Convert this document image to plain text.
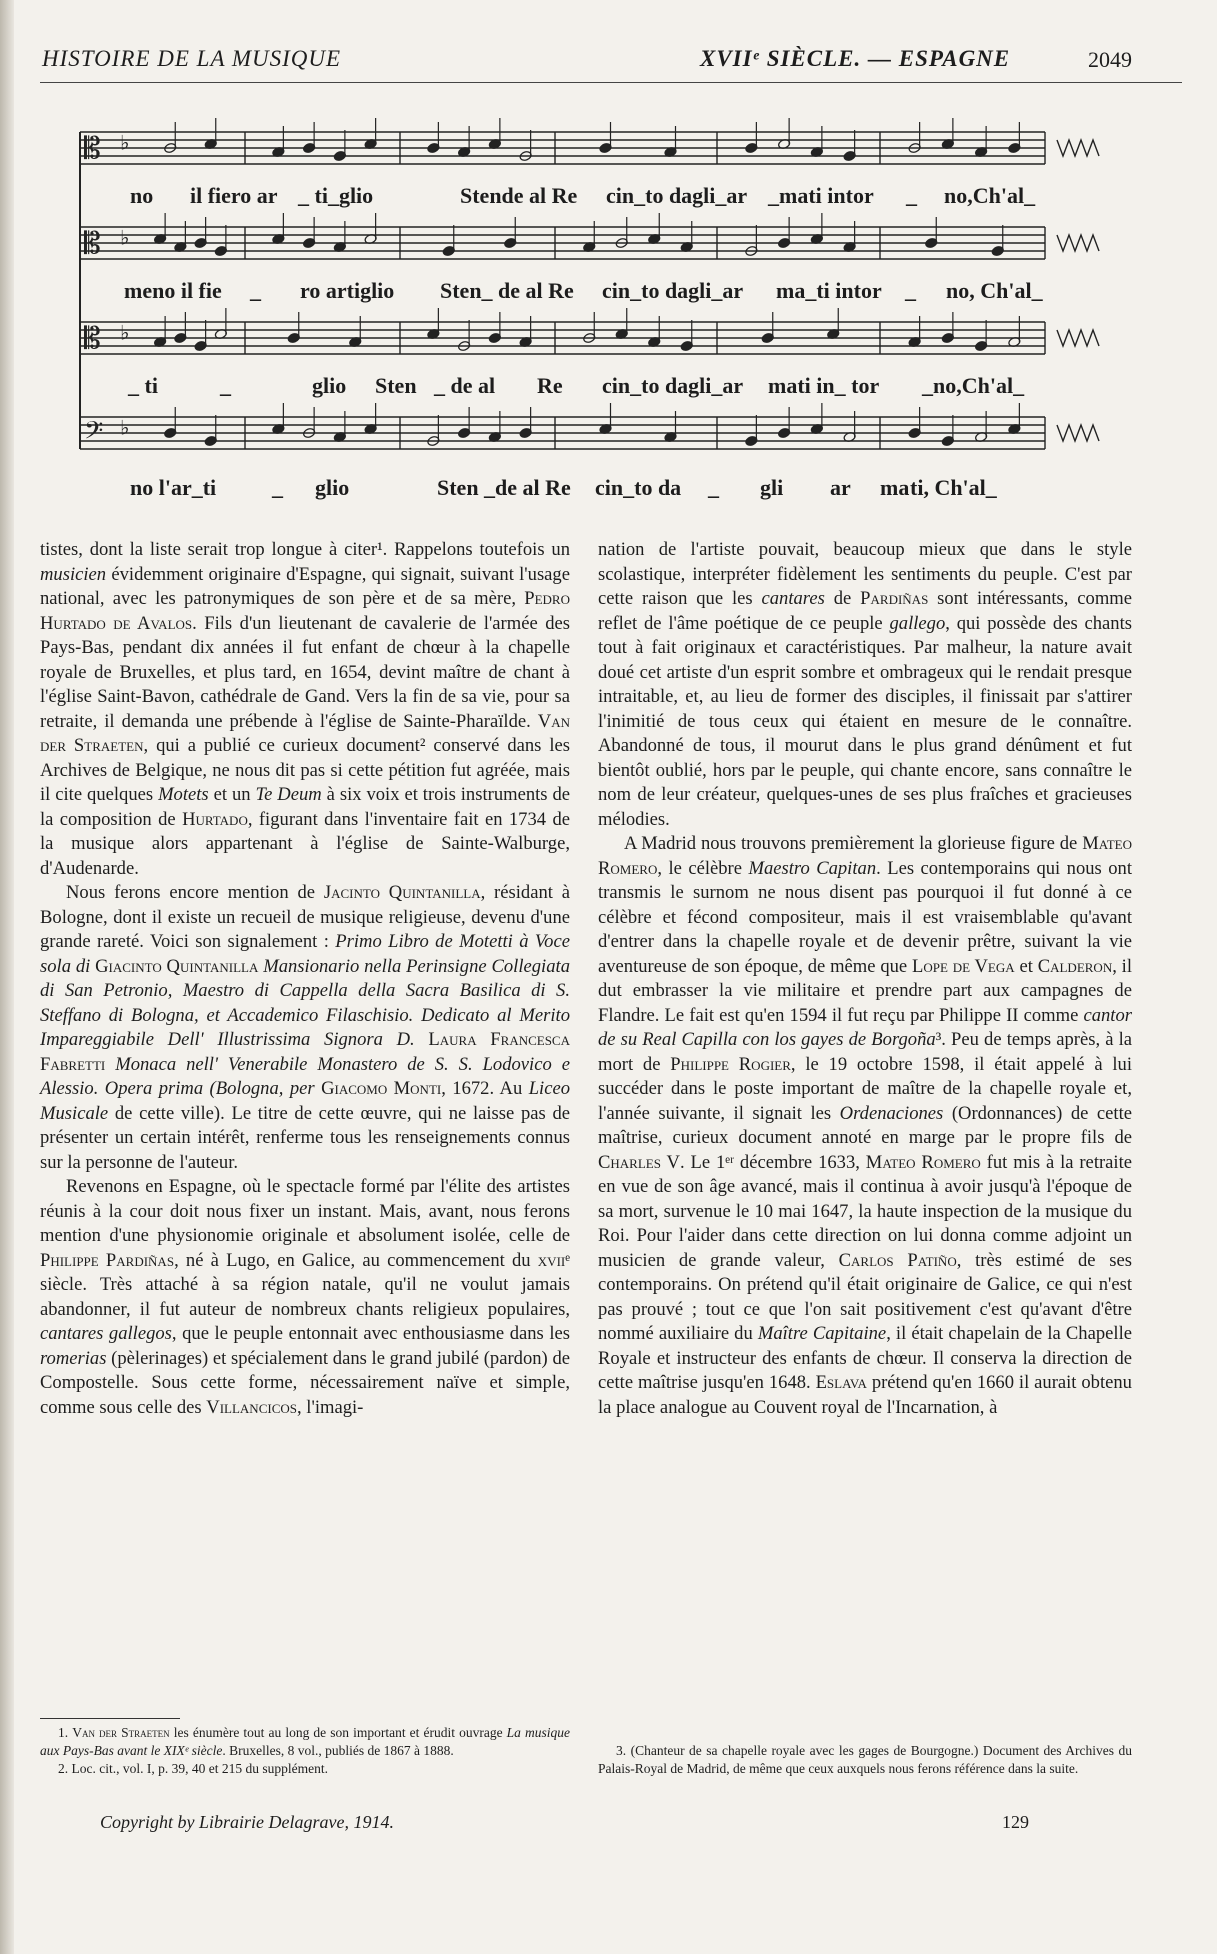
HISTOIRE DE LA MUSIQUE	XVIIᵉ SIÈCLE. — ESPAGNE	2049
𝄡 ♭
𝄡 ♭
𝄡 ♭
𝄢 ♭
no il fiero ar _ ti_glio	Stende al Re cin_to dagli_ar _mati intor _ no,Ch'al_
meno il fie _ ro artiglio Sten_ de al Re cin_to dagli_ar ma_ti intor _ no, Ch'al_
_ ti	_	glio Sten _ de al Re cin_to dagli_ar mati in_ tor _no,Ch'al_
no l'ar_ti	_ glio	Sten _de al Re cin_to da _ gli ar ma ti, Ch'al_

tistes, dont la liste serait trop longue à citer¹. Rappelons toutefois un musicien évidemment originaire d'Espagne, qui signait, suivant l'usage national, avec les patronymiques de son père et de sa mère, Pedro Hurtado de Avalos. Fils d'un lieutenant de cavalerie de l'armée des Pays-Bas, pendant dix années il fut enfant de chœur à la chapelle royale de Bruxelles, et plus tard, en 1654, devint maître de chant à l'église Saint-Bavon, cathédrale de Gand. Vers la fin de sa vie, pour sa retraite, il demanda une prébende à l'église de Sainte-Pharaïlde. Van der Straeten, qui a publié ce curieux document² conservé dans les Archives de Belgique, ne nous dit pas si cette pétition fut agréée, mais il cite quelques Motets et un Te Deum à six voix et trois instruments de la composition de Hurtado, figurant dans l'inventaire fait en 1734 de la musique alors appartenant à l'église de Sainte-Walburge, d'Audenarde.

Nous ferons encore mention de Jacinto Quintanilla, résidant à Bologne, dont il existe un recueil de musique religieuse, devenu d'une grande rareté. Voici son signalement : Primo Libro de Motetti à Voce sola di Giacinto Quintanilla Mansionario nella Perinsigne Collegiata di San Petronio, Maestro di Cappella della Sacra Basilica di S. Steffano di Bologna, et Accademico Filaschisio. Dedicato al Merito Impareggiabile Dell' Illustrissima Signora D. Laura Francesca Fabretti Monaca nell' Venerabile Monastero de S. S. Lodovico e Alessio. Opera prima (Bologna, per Giacomo Monti, 1672. Au Liceo Musicale de cette ville). Le titre de cette œuvre, qui ne laisse pas de présenter un certain intérêt, renferme tous les renseignements connus sur la personne de l'auteur.

Revenons en Espagne, où le spectacle formé par l'élite des artistes réunis à la cour doit nous fixer un instant. Mais, avant, nous ferons mention d'une physionomie originale et absolument isolée, celle de Philippe Pardiñas, né à Lugo, en Galice, au commencement du xviiᵉ siècle. Très attaché à sa région natale, qu'il ne voulut jamais abandonner, il fut auteur de nombreux chants religieux populaires, cantares gallegos, que le peuple entonnait avec enthousiasme dans les romerias (pèlerinages) et spécialement dans le grand jubilé (pardon) de Compostelle. Sous cette forme, nécessairement naïve et simple, comme sous celle des Villancicos, l'imagi-

nation de l'artiste pouvait, beaucoup mieux que dans le style scolastique, interpréter fidèlement les sentiments du peuple. C'est par cette raison que les cantares de Pardiñas sont intéressants, comme reflet de l'âme poétique de ce peuple gallego, qui possède des chants tout à fait originaux et caractéristiques. Par malheur, la nature avait doué cet artiste d'un esprit sombre et ombrageux qui le rendait presque intraitable, et, au lieu de former des disciples, il finissait par s'attirer l'inimitié de tous ceux qui étaient en mesure de le connaître. Abandonné de tous, il mourut dans le plus grand dénûment et fut bientôt oublié, hors par le peuple, qui chante encore, sans connaître le nom de leur créateur, quelques-unes de ses plus fraîches et gracieuses mélodies.

A Madrid nous trouvons premièrement la glorieuse figure de Mateo Romero, le célèbre Maestro Capitan. Les contemporains qui nous ont transmis le surnom ne nous disent pas pourquoi il fut donné à ce célèbre et fécond compositeur, mais il est vraisemblable qu'avant d'entrer dans la chapelle royale et de devenir prêtre, suivant la vie aventureuse de son époque, de même que Lope de Vega et Calderon, il dut embrasser la vie militaire et prendre part aux campagnes de Flandre. Le fait est qu'en 1594 il fut reçu par Philippe II comme cantor de su Real Capilla con los gayes de Borgoña³. Peu de temps après, à la mort de Philippe Rogier, le 19 octobre 1598, il était appelé à lui succéder dans le poste important de maître de la chapelle royale et, l'année suivante, il signait les Ordenaciones (Ordonnances) de cette maîtrise, curieux document annoté en marge par le propre fils de Charles V. Le 1ᵉʳ décembre 1633, Mateo Romero fut mis à la retraite en vue de son âge avancé, mais il continua à avoir jusqu'à l'époque de sa mort, survenue le 10 mai 1647, la haute inspection de la musique du Roi. Pour l'aider dans cette direction on lui donna comme adjoint un musicien de grande valeur, Carlos Patiño, très estimé de ses contemporains. On prétend qu'il était originaire de Galice, ce qui n'est pas prouvé ; tout ce que l'on sait positivement c'est qu'avant d'être nommé auxiliaire du Maître Capitaine, il était chapelain de la Chapelle Royale et instructeur des enfants de chœur. Il conserva la direction de cette maîtrise jusqu'en 1648. Eslava prétend qu'en 1660 il aurait obtenu la place analogue au Couvent royal de l'Incarnation, à

1. Van der Straeten les énumère tout au long de son important et érudit ouvrage La musique aux Pays-Bas avant le XIXᵉ siècle. Bruxelles, 8 vol., publiés de 1867 à 1888.

2. Loc. cit., vol. I, p. 39, 40 et 215 du supplément.

3. (Chanteur de sa chapelle royale avec les gages de Bourgogne.) Document des Archives du Palais-Royal de Madrid, de même que ceux auxquels nous ferons référence dans la suite.

Copyright by Librairie Delagrave, 1914.	129
